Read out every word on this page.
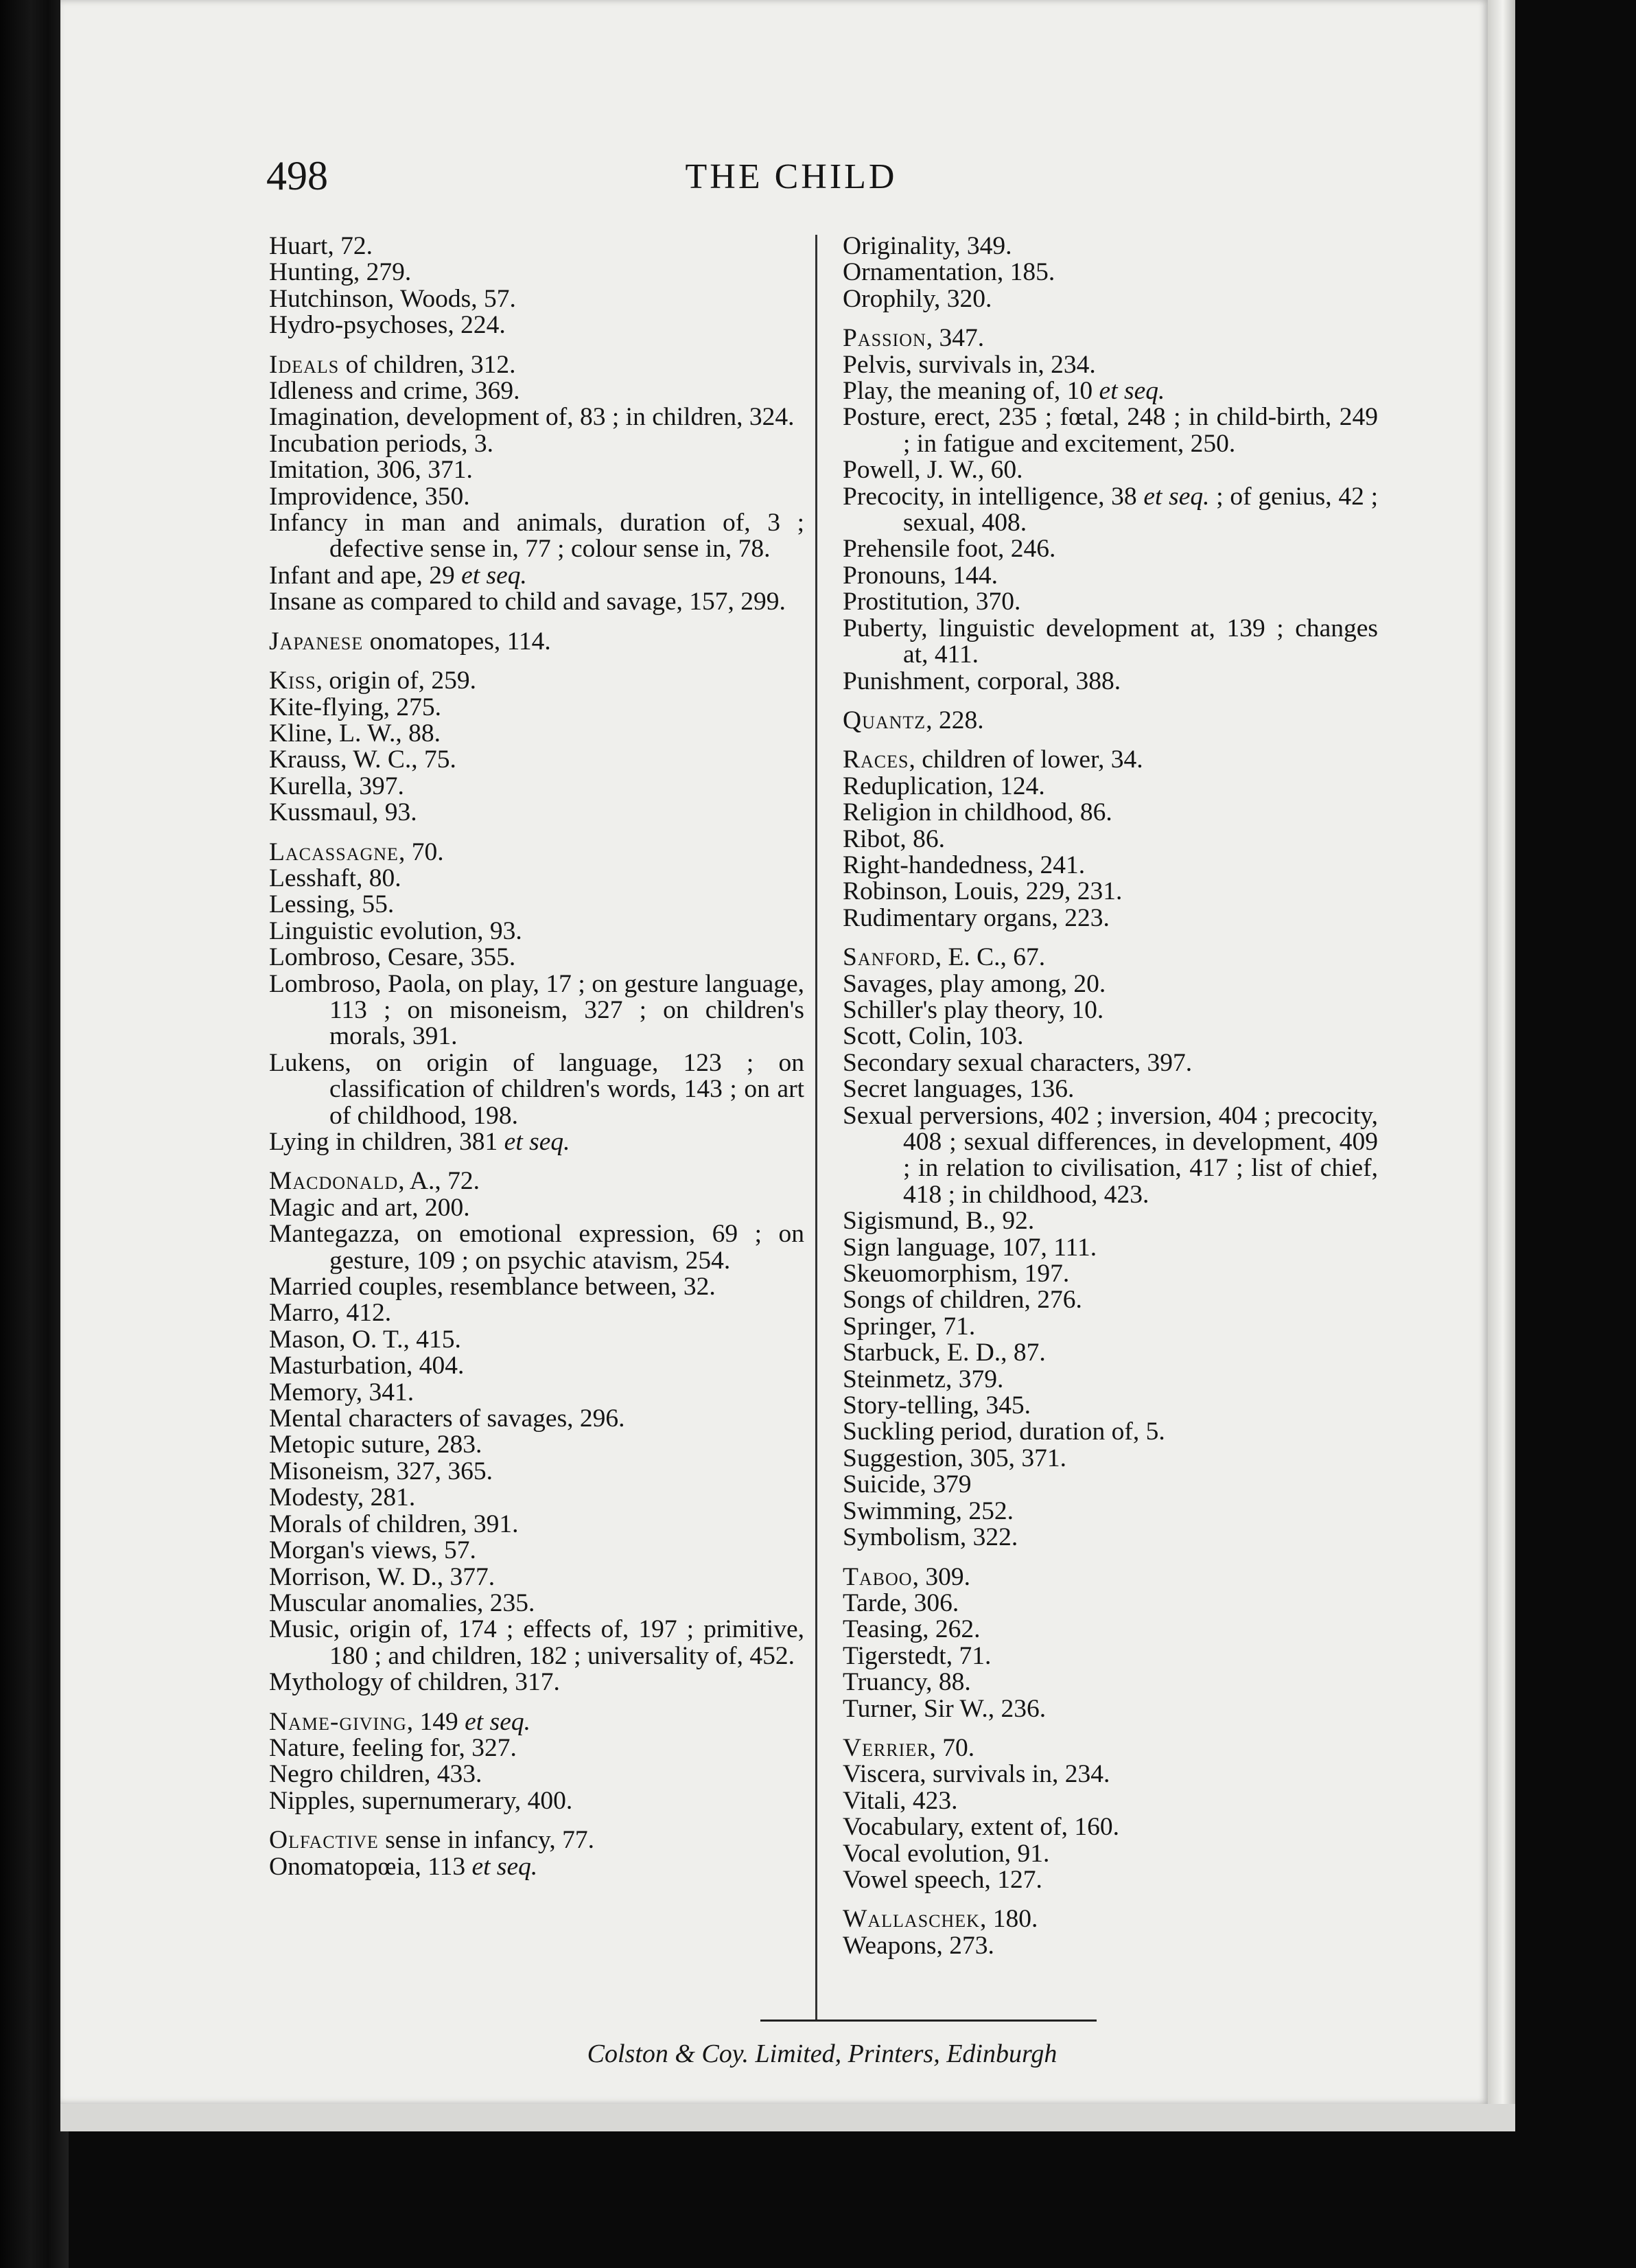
498	THE CHILD
Huart, 72.
Hunting, 279.
Hutchinson, Woods, 57.
Hydro-psychoses, 224.
Ideals of children, 312.
Idleness and crime, 369.
Imagination, development of, 83 ; in children, 324.
Incubation periods, 3.
Imitation, 306, 371.
Improvidence, 350.
Infancy in man and animals, duration of, 3 ; defective sense in, 77 ; colour sense in, 78.
Infant and ape, 29 et seq.
Insane as compared to child and savage, 157, 299.
Japanese onomatopes, 114.
Kiss, origin of, 259.
Kite-flying, 275.
Kline, L. W., 88.
Krauss, W. C., 75.
Kurella, 397.
Kussmaul, 93.
Lacassagne, 70.
Lesshaft, 80.
Lessing, 55.
Linguistic evolution, 93.
Lombroso, Cesare, 355.
Lombroso, Paola, on play, 17 ; on gesture language, 113 ; on misoneism, 327 ; on children's morals, 391.
Lukens, on origin of language, 123 ; on classification of children's words, 143 ; on art of childhood, 198.
Lying in children, 381 et seq.
Macdonald, A., 72.
Magic and art, 200.
Mantegazza, on emotional expression, 69 ; on gesture, 109 ; on psychic atavism, 254.
Married couples, resemblance between, 32.
Marro, 412.
Mason, O. T., 415.
Masturbation, 404.
Memory, 341.
Mental characters of savages, 296.
Metopic suture, 283.
Misoneism, 327, 365.
Modesty, 281.
Morals of children, 391.
Morgan's views, 57.
Morrison, W. D., 377.
Muscular anomalies, 235.
Music, origin of, 174 ; effects of, 197 ; primitive, 180 ; and children, 182 ; universality of, 452.
Mythology of children, 317.
Name-giving, 149 et seq.
Nature, feeling for, 327.
Negro children, 433.
Nipples, supernumerary, 400.
Olfactive sense in infancy, 77.
Onomatopœia, 113 et seq.
Originality, 349.
Ornamentation, 185.
Orophily, 320.
Passion, 347.
Pelvis, survivals in, 234.
Play, the meaning of, 10 et seq.
Posture, erect, 235 ; fœtal, 248 ; in child-birth, 249 ; in fatigue and excitement, 250.
Powell, J. W., 60.
Precocity, in intelligence, 38 et seq. ; of genius, 42 ; sexual, 408.
Prehensile foot, 246.
Pronouns, 144.
Prostitution, 370.
Puberty, linguistic development at, 139 ; changes at, 411.
Punishment, corporal, 388.
Quantz, 228.
Races, children of lower, 34.
Reduplication, 124.
Religion in childhood, 86.
Ribot, 86.
Right-handedness, 241.
Robinson, Louis, 229, 231.
Rudimentary organs, 223.
Sanford, E. C., 67.
Savages, play among, 20.
Schiller's play theory, 10.
Scott, Colin, 103.
Secondary sexual characters, 397.
Secret languages, 136.
Sexual perversions, 402 ; inversion, 404 ; precocity, 408 ; sexual differences, in development, 409 ; in relation to civilisation, 417 ; list of chief, 418 ; in childhood, 423.
Sigismund, B., 92.
Sign language, 107, 111.
Skeuomorphism, 197.
Songs of children, 276.
Springer, 71.
Starbuck, E. D., 87.
Steinmetz, 379.
Story-telling, 345.
Suckling period, duration of, 5.
Suggestion, 305, 371.
Suicide, 379
Swimming, 252.
Symbolism, 322.
Taboo, 309.
Tarde, 306.
Teasing, 262.
Tigerstedt, 71.
Truancy, 88.
Turner, Sir W., 236.
Verrier, 70.
Viscera, survivals in, 234.
Vitali, 423.
Vocabulary, extent of, 160.
Vocal evolution, 91.
Vowel speech, 127.
Wallaschek, 180.
Weapons, 273.
Colston & Coy. Limited, Printers, Edinburgh
